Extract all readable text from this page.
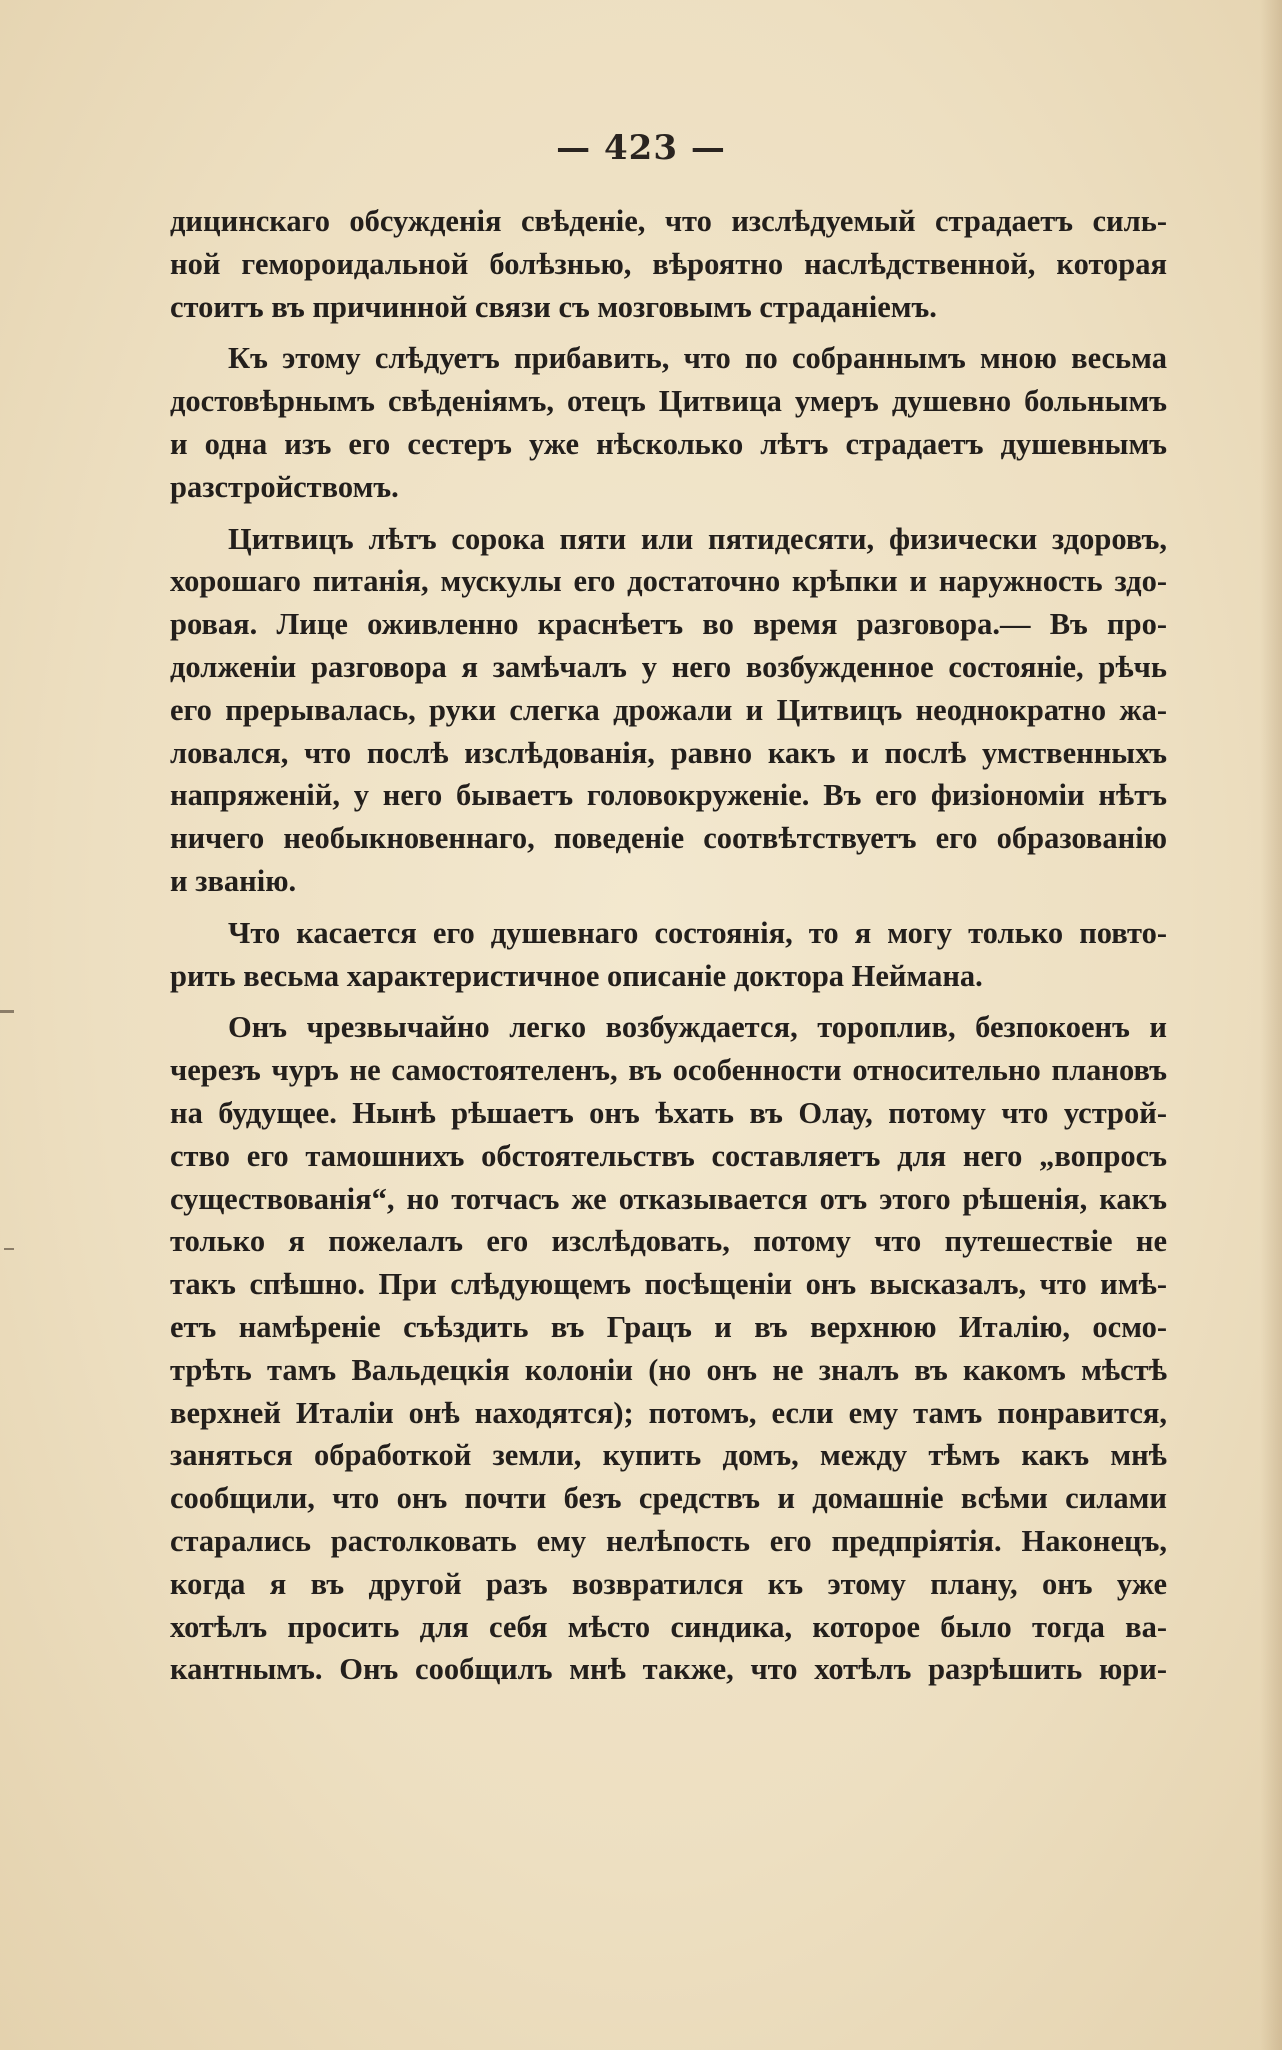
— 423 —
дицинскаго обсужденія свѣденіе, что изслѣдуемый страдаетъ силь-
ной гемороидальной болѣзнью, вѣроятно наслѣдственной, которая
стоитъ въ причинной связи съ мозговымъ страданіемъ.
Къ этому слѣдуетъ прибавить, что по собраннымъ мною весьма
достовѣрнымъ свѣденіямъ, отецъ Цитвица умеръ душевно больнымъ
и одна изъ его сестеръ уже нѣсколько лѣтъ страдаетъ душевнымъ
разстройствомъ.
Цитвицъ лѣтъ сорока пяти или пятидесяти, физически здоровъ,
хорошаго питанія, мускулы его достаточно крѣпки и наружность здо-
ровая. Лице оживленно краснѣетъ во время разговора.— Въ про-
долженіи разговора я замѣчалъ у него возбужденное состояніе, рѣчь
его прерывалась, руки слегка дрожали и Цитвицъ неоднократно жа-
ловался, что послѣ изслѣдованія, равно какъ и послѣ умственныхъ
напряженій, у него бываетъ головокруженіе. Въ его физіономіи нѣтъ
ничего необыкновеннаго, поведеніе соотвѣтствуетъ его образованію
и званію.
Что касается его душевнаго состоянія, то я могу только повто-
рить весьма характеристичное описаніе доктора Неймана.
Онъ чрезвычайно легко возбуждается, тороплив, безпокоенъ и
черезъ чуръ не самостоятеленъ, въ особенности относительно плановъ
на будущее. Нынѣ рѣшаетъ онъ ѣхать въ Олау, потому что устрой-
ство его тамошнихъ обстоятельствъ составляетъ для него „вопросъ
существованія“, но тотчасъ же отказывается отъ этого рѣшенія, какъ
только я пожелалъ его изслѣдовать, потому что путешествіе не
такъ спѣшно. При слѣдующемъ посѣщеніи онъ высказалъ, что имѣ-
етъ намѣреніе съѣздить въ Грацъ и въ верхнюю Италію, осмо-
трѣть тамъ Вальдецкія колоніи (но онъ не зналъ въ какомъ мѣстѣ
верхней Италіи онѣ находятся); потомъ, если ему тамъ понравится,
заняться обработкой земли, купить домъ, между тѣмъ какъ мнѣ
сообщили, что онъ почти безъ средствъ и домашніе всѣми силами
старались растолковать ему нелѣпость его предпріятія. Наконецъ,
когда я въ другой разъ возвратился къ этому плану, онъ уже
хотѣлъ просить для себя мѣсто синдика, которое было тогда ва-
кантнымъ. Онъ сообщилъ мнѣ также, что хотѣлъ разрѣшить юри-
